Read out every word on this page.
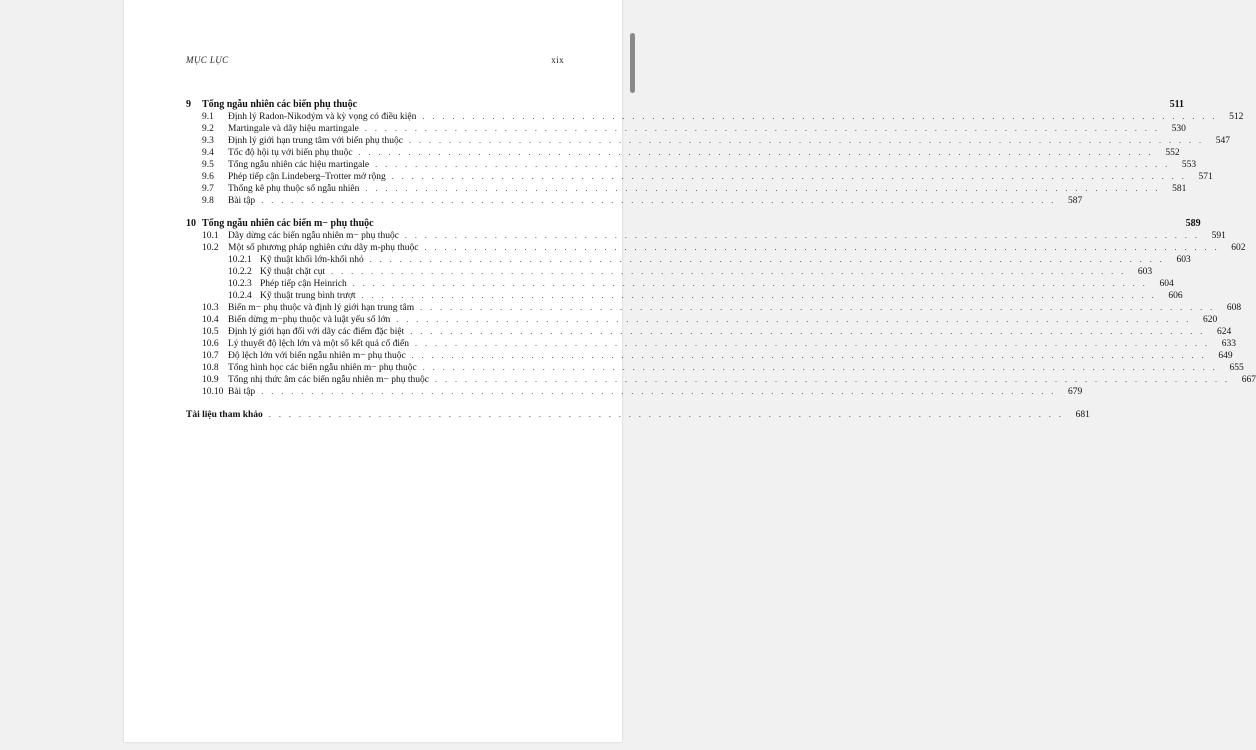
MỤC LỤC	xix
9	Tổng ngẫu nhiên các biến phụ thuộc	511
9.1	Định lý Radon-Nikodým và kỳ vọng có điều kiện . . . . . . . . . . . . . . . . . . . . . . . . . . . . . . . . . . . . . . . . . . . . . . . . . . . . . . . . . . . . . . . . . . . . . . . . . . . . . . . .	512
9.2	Martingale và dãy hiệu martingale . . . . . . . . . . . . . . . . . . . . . . . . . . . . . . . . . . . . . . . . . . . . . . . . . . . . . . . . . . . . . . . . . . . . . . . . . . . . . . . .	530
9.3	Định lý giới hạn trung tâm với biến phụ thuộc . . . . . . . . . . . . . . . . . . . . . . . . . . . . . . . . . . . . . . . . . . . . . . . . . . . . . . . . . . . . . . . . . . . . . . . . . . . . . . . .	547
9.4	Tốc độ hội tụ với biến phụ thuộc . . . . . . . . . . . . . . . . . . . . . . . . . . . . . . . . . . . . . . . . . . . . . . . . . . . . . . . . . . . . . . . . . . . . . . . . . . . . . . . .	552
9.5	Tổng ngẫu nhiên các hiệu martingale . . . . . . . . . . . . . . . . . . . . . . . . . . . . . . . . . . . . . . . . . . . . . . . . . . . . . . . . . . . . . . . . . . . . . . . . . . . . . . . .	553
9.6	Phép tiếp cận Lindeberg–Trotter mở rộng . . . . . . . . . . . . . . . . . . . . . . . . . . . . . . . . . . . . . . . . . . . . . . . . . . . . . . . . . . . . . . . . . . . . . . . . . . . . . . . .	571
9.7	Thống kê phụ thuộc số ngẫu nhiên . . . . . . . . . . . . . . . . . . . . . . . . . . . . . . . . . . . . . . . . . . . . . . . . . . . . . . . . . . . . . . . . . . . . . . . . . . . . . . . .	581
9.8	Bài tập . . . . . . . . . . . . . . . . . . . . . . . . . . . . . . . . . . . . . . . . . . . . . . . . . . . . . . . . . . . . . . . . . . . . . . . . . . . . . . . .	587
10 Tổng ngẫu nhiên các biến m− phụ thuộc	589
10.1 Dãy dừng các biến ngẫu nhiên m− phụ thuộc . . . . . . . . . . . . . . . . . . . . . . . . . . . . . . . . . . . . . . . . . . . . . . . . . . . . . . . . . . . . . . . . . . . . . . . . . . . . . . . .	591
10.2 Một số phương pháp nghiên cứu dãy m-phụ thuộc . . . . . . . . . . . . . . . . . . . . . . . . . . . . . . . . . . . . . . . . . . . . . . . . . . . . . . . . . . . . . . . . . . . . . . . . . . . . . . . .	602
10.2.1 Kỹ thuật khối lớn-khối nhỏ . . . . . . . . . . . . . . . . . . . . . . . . . . . . . . . . . . . . . . . . . . . . . . . . . . . . . . . . . . . . . . . . . . . . . . . . . . . . . . . .	603
10.2.2 Kỹ thuật chặt cụt . . . . . . . . . . . . . . . . . . . . . . . . . . . . . . . . . . . . . . . . . . . . . . . . . . . . . . . . . . . . . . . . . . . . . . . . . . . . . . . .	603
10.2.3 Phép tiếp cận Heinrich . . . . . . . . . . . . . . . . . . . . . . . . . . . . . . . . . . . . . . . . . . . . . . . . . . . . . . . . . . . . . . . . . . . . . . . . . . . . . . . .	604
10.2.4 Kỹ thuật trung bình trượt . . . . . . . . . . . . . . . . . . . . . . . . . . . . . . . . . . . . . . . . . . . . . . . . . . . . . . . . . . . . . . . . . . . . . . . . . . . . . . . .	606
10.3 Biến m− phụ thuộc và định lý giới hạn trung tâm . . . . . . . . . . . . . . . . . . . . . . . . . . . . . . . . . . . . . . . . . . . . . . . . . . . . . . . . . . . . . . . . . . . . . . . . . . . . . . . .	608
10.4 Biến dừng m−phụ thuộc và luật yếu số lớn . . . . . . . . . . . . . . . . . . . . . . . . . . . . . . . . . . . . . . . . . . . . . . . . . . . . . . . . . . . . . . . . . . . . . . . . . . . . . . . .	620
10.5 Định lý giới hạn đối với dãy các điểm đặc biệt . . . . . . . . . . . . . . . . . . . . . . . . . . . . . . . . . . . . . . . . . . . . . . . . . . . . . . . . . . . . . . . . . . . . . . . . . . . . . . . .	624
10.6 Lý thuyết độ lệch lớn và một số kết quả cổ điển . . . . . . . . . . . . . . . . . . . . . . . . . . . . . . . . . . . . . . . . . . . . . . . . . . . . . . . . . . . . . . . . . . . . . . . . . . . . . . . .	633
10.7 Độ lệch lớn với biến ngẫu nhiên m− phụ thuộc . . . . . . . . . . . . . . . . . . . . . . . . . . . . . . . . . . . . . . . . . . . . . . . . . . . . . . . . . . . . . . . . . . . . . . . . . . . . . . . .	649
10.8 Tổng hình học các biến ngẫu nhiên m− phụ thuộc . . . . . . . . . . . . . . . . . . . . . . . . . . . . . . . . . . . . . . . . . . . . . . . . . . . . . . . . . . . . . . . . . . . . . . . . . . . . . . . .	655
10.9 Tổng nhị thức âm các biến ngẫu nhiên m− phụ thuộc . . . . . . . . . . . . . . . . . . . . . . . . . . . . . . . . . . . . . . . . . . . . . . . . . . . . . . . . . . . . . . . . . . . . . . . . . . . . . . . .	667
10.10 Bài tập . . . . . . . . . . . . . . . . . . . . . . . . . . . . . . . . . . . . . . . . . . . . . . . . . . . . . . . . . . . . . . . . . . . . . . . . . . . . . . . .	679
Tài liệu tham khảo . . . . . . . . . . . . . . . . . . . . . . . . . . . . . . . . . . . . . . . . . . . . . . . . . . . . . . . . . . . . . . . . . . . . . . . . . . . . . . . .	681
